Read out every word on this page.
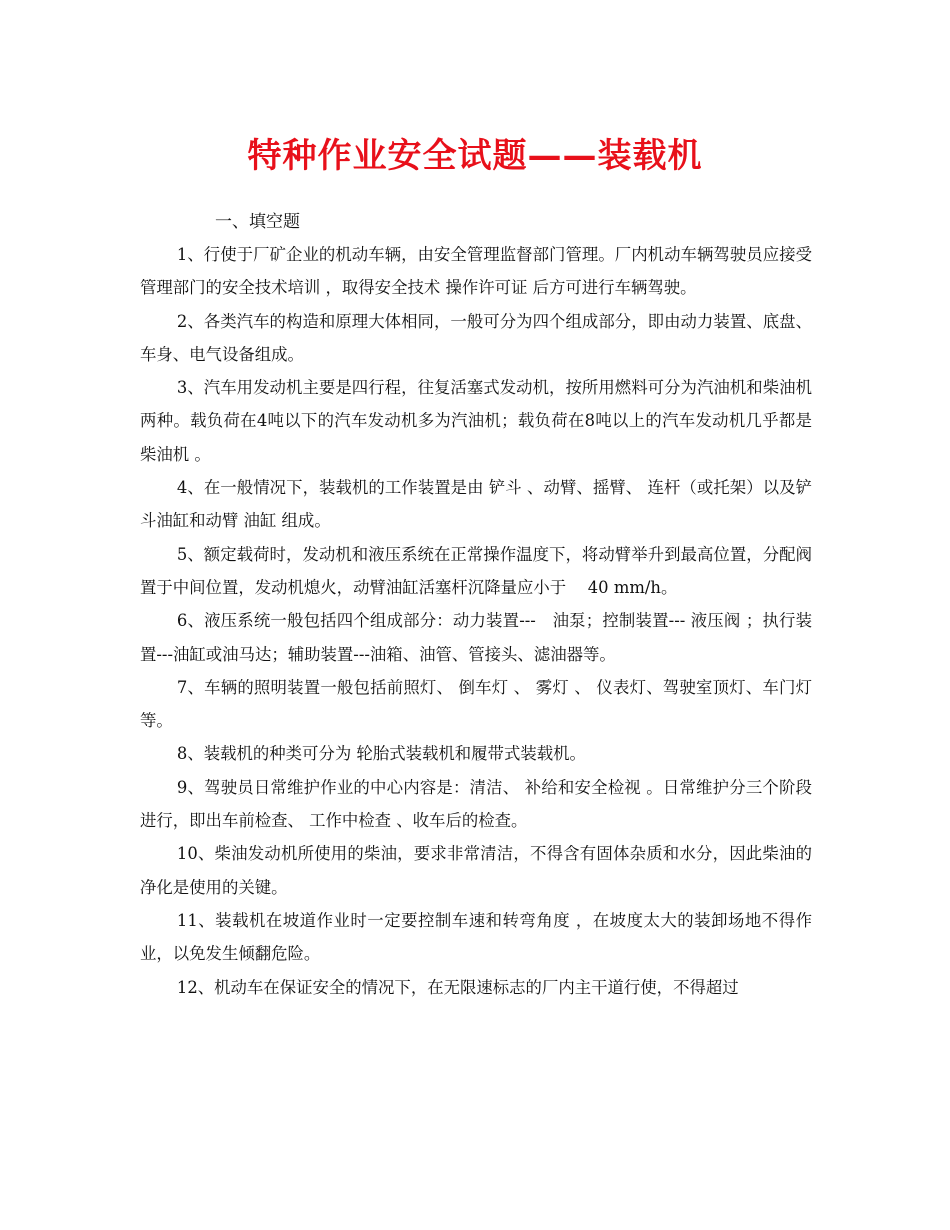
特种作业安全试题——装载机
一、填空题

1、行使于厂矿企业的机动车辆，由安全管理监督部门管理。厂内机动车辆驾驶员应接受管理部门的安全技术培训 ，取得安全技术 操作许可证 后方可进行车辆驾驶。

2、各类汽车的构造和原理大体相同，一般可分为四个组成部分，即由动力装置、底盘、车身、电气设备组成。

3、汽车用发动机主要是四行程，往复活塞式发动机，按所用燃料可分为汽油机和柴油机两种。载负荷在4吨以下的汽车发动机多为汽油机；载负荷在8吨以上的汽车发动机几乎都是柴油机 。

4、在一般情况下，装载机的工作装置是由 铲斗 、动臂、摇臂、 连杆（或托架）以及铲斗油缸和动臂 油缸 组成。

5、额定载荷时，发动机和液压系统在正常操作温度下，将动臂举升到最高位置，分配阀置于中间位置，发动机熄火，动臂油缸活塞杆沉降量应小于　 40 mm/h。

6、液压系统一般包括四个组成部分：动力装置---　油泵；控制装置--- 液压阀 ；执行装置---油缸或油马达；辅助装置---油箱、油管、管接头、滤油器等。

7、车辆的照明装置一般包括前照灯、 倒车灯 、 雾灯 、 仪表灯、驾驶室顶灯、车门灯等。

8、装载机的种类可分为 轮胎式装载机和履带式装载机。

9、驾驶员日常维护作业的中心内容是：清洁、 补给和安全检视 。日常维护分三个阶段进行，即出车前检查、 工作中检查 、收车后的检查。

10、柴油发动机所使用的柴油，要求非常清洁，不得含有固体杂质和水分，因此柴油的净化是使用的关键。

11、装载机在坡道作业时一定要控制车速和转弯角度 ，在坡度太大的装卸场地不得作业，以免发生倾翻危险。

12、机动车在保证安全的情况下，在无限速标志的厂内主干道行使，不得超过
